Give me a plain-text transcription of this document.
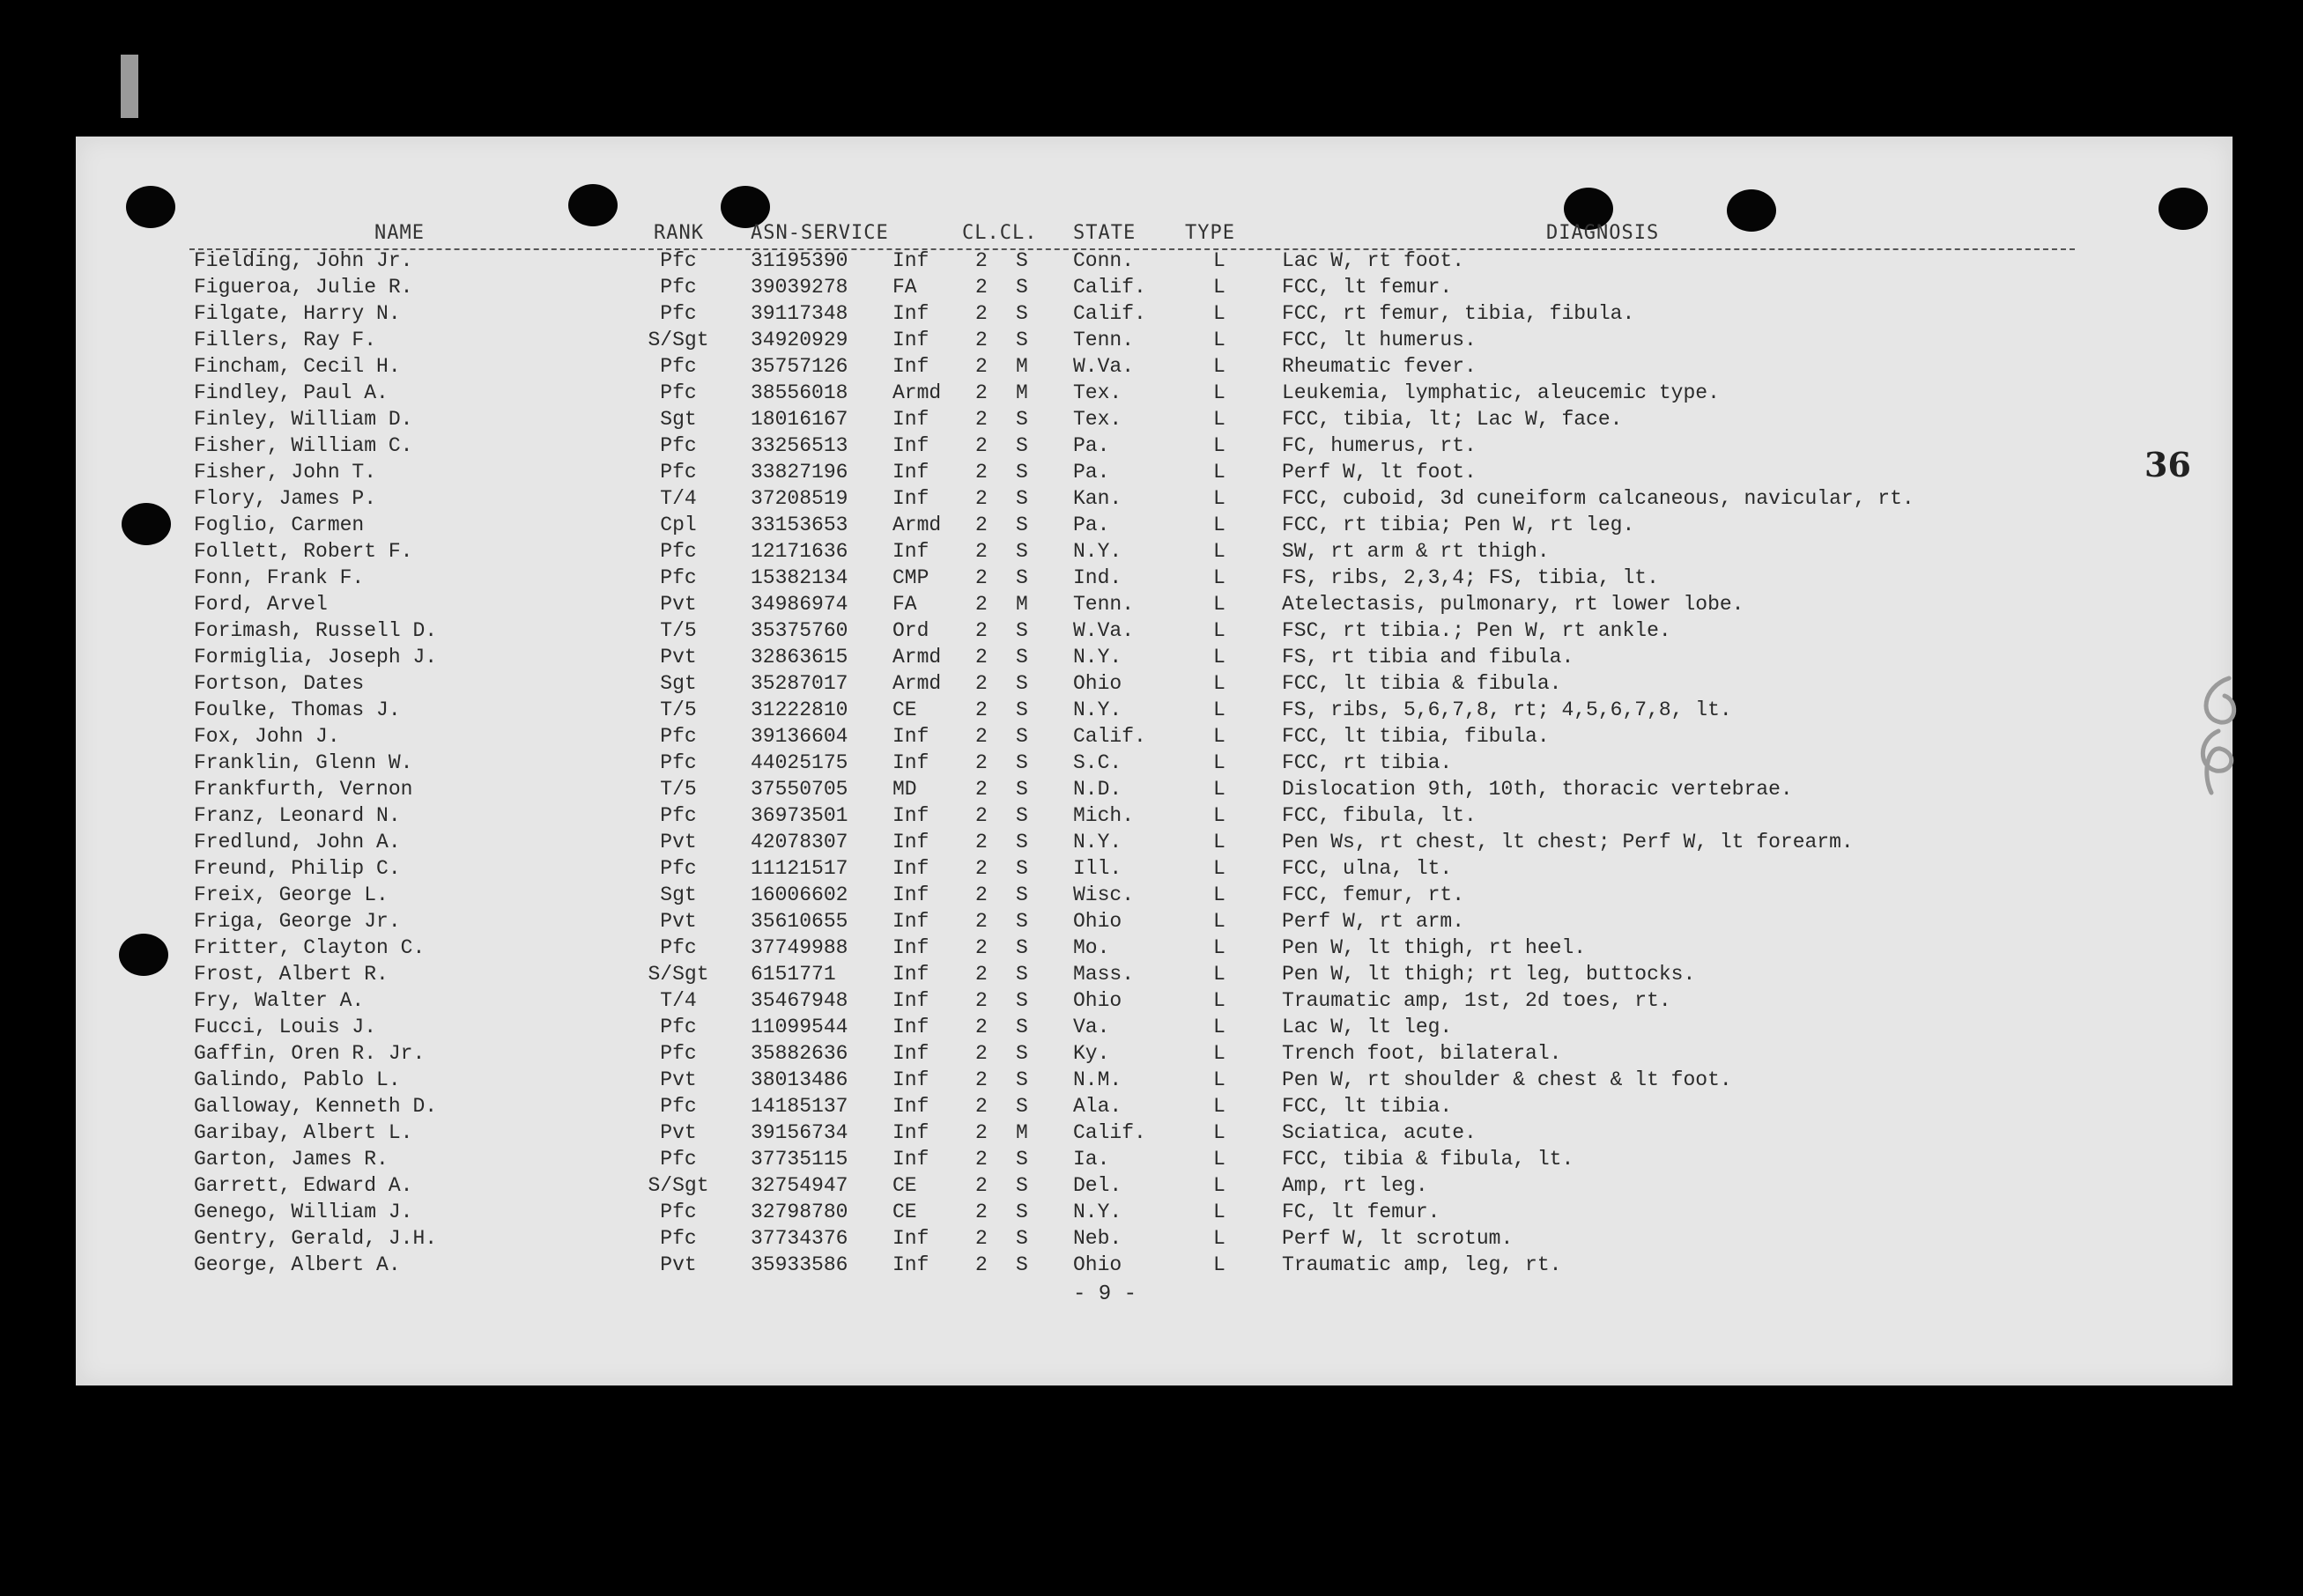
NAME	RANK ASN-SERVICE	CL.CL. STATE	TYPE	DIAGNOSIS
Fielding, John Jr.	Pfc	31195390 Inf 2 S Conn.	L	Lac W, rt foot.
Figueroa, Julie R.	Pfc	39039278 FA	2 S Calif.	L	FCC, lt femur.
Filgate, Harry N.	Pfc	39117348 Inf 2 S Calif.	L	FCC, rt femur, tibia, fibula.
Fillers, Ray F.	S/Sgt	34920929 Inf 2 S Tenn.	L	FCC, lt humerus.
Fincham, Cecil H.	Pfc	35757126 Inf 2 M W.Va.	L	Rheumatic fever.
Findley, Paul A.	Pfc	38556018 Armd 2 M Tex.	L	Leukemia, lymphatic, aleucemic type.
Finley, William D.	Sgt	18016167 Inf 2 S Tex.	L	FCC, tibia, lt; Lac W, face.
Fisher, William C.	Pfc	33256513 Inf 2 S Pa.	L	FC, humerus, rt.
Fisher, John T.	Pfc	33827196 Inf 2 S Pa.	L	Perf W, lt foot.
Flory, James P.	T/4	37208519 Inf 2 S Kan.	L	FCC, cuboid, 3d cuneiform calcaneous, navicular, rt.
Foglio, Carmen	Cpl	33153653 Armd 2 S Pa.	L	FCC, rt tibia; Pen W, rt leg.
Follett, Robert F.	Pfc	12171636 Inf 2 S N.Y.	L	SW, rt arm & rt thigh.
Fonn, Frank F.	Pfc	15382134 CMP 2 S Ind.	L	FS, ribs, 2,3,4; FS, tibia, lt.
Ford, Arvel	Pvt	34986974 FA	2 M Tenn.	L	Atelectasis, pulmonary, rt lower lobe.
Forimash, Russell D.	T/5	35375760 Ord 2 S W.Va.	L	FSC, rt tibia.; Pen W, rt ankle.
Formiglia, Joseph J.	Pvt	32863615 Armd 2 S N.Y.	L	FS, rt tibia and fibula.
Fortson, Dates	Sgt	35287017 Armd 2 S Ohio	L	FCC, lt tibia & fibula.
Foulke, Thomas J.	T/5	31222810 CE	2 S N.Y.	L	FS, ribs, 5,6,7,8, rt; 4,5,6,7,8, lt.
Fox, John J.	Pfc	39136604 Inf 2 S Calif.	L	FCC, lt tibia, fibula.
Franklin, Glenn W.	Pfc	44025175 Inf 2 S S.C.	L	FCC, rt tibia.
Frankfurth, Vernon	T/5	37550705 MD	2 S N.D.	L	Dislocation 9th, 10th, thoracic vertebrae.
Franz, Leonard N.	Pfc	36973501 Inf 2 S Mich.	L	FCC, fibula, lt.
Fredlund, John A.	Pvt	42078307 Inf 2 S N.Y.	L	Pen Ws, rt chest, lt chest; Perf W, lt forearm.
Freund, Philip C.	Pfc	11121517 Inf 2 S Ill.	L	FCC, ulna, lt.
Freix, George L.	Sgt	16006602 Inf 2 S Wisc.	L	FCC, femur, rt.
Friga, George Jr.	Pvt	35610655 Inf 2 S Ohio	L	Perf W, rt arm.
Fritter, Clayton C.	Pfc	37749988 Inf 2 S Mo.	L	Pen W, lt thigh, rt heel.
Frost, Albert R.	S/Sgt	6151771	Inf 2 S Mass.	L	Pen W, lt thigh; rt leg, buttocks.
Fry, Walter A.	T/4	35467948 Inf 2 S Ohio	L	Traumatic amp, 1st, 2d toes, rt.
Fucci, Louis J.	Pfc	11099544 Inf 2 S Va.	L	Lac W, lt leg.
Gaffin, Oren R. Jr.	Pfc	35882636 Inf 2 S Ky.	L	Trench foot, bilateral.
Galindo, Pablo L.	Pvt	38013486 Inf 2 S N.M.	L	Pen W, rt shoulder & chest & lt foot.
Galloway, Kenneth D.	Pfc	14185137 Inf 2 S Ala.	L	FCC, lt tibia.
Garibay, Albert L.	Pvt	39156734 Inf 2 M Calif.	L	Sciatica, acute.
Garton, James R.	Pfc	37735115 Inf 2 S Ia.	L	FCC, tibia & fibula, lt.
Garrett, Edward A.	S/Sgt	32754947 CE	2 S Del.	L	Amp, rt leg.
Genego, William J.	Pfc	32798780 CE	2 S N.Y.	L	FC, lt femur.
Gentry, Gerald, J.H.	Pfc	37734376 Inf 2 S Neb.	L	Perf W, lt scrotum.
George, Albert A.	Pvt	35933586 Inf 2 S Ohio	L	Traumatic amp, leg, rt.
36
- 9 -
